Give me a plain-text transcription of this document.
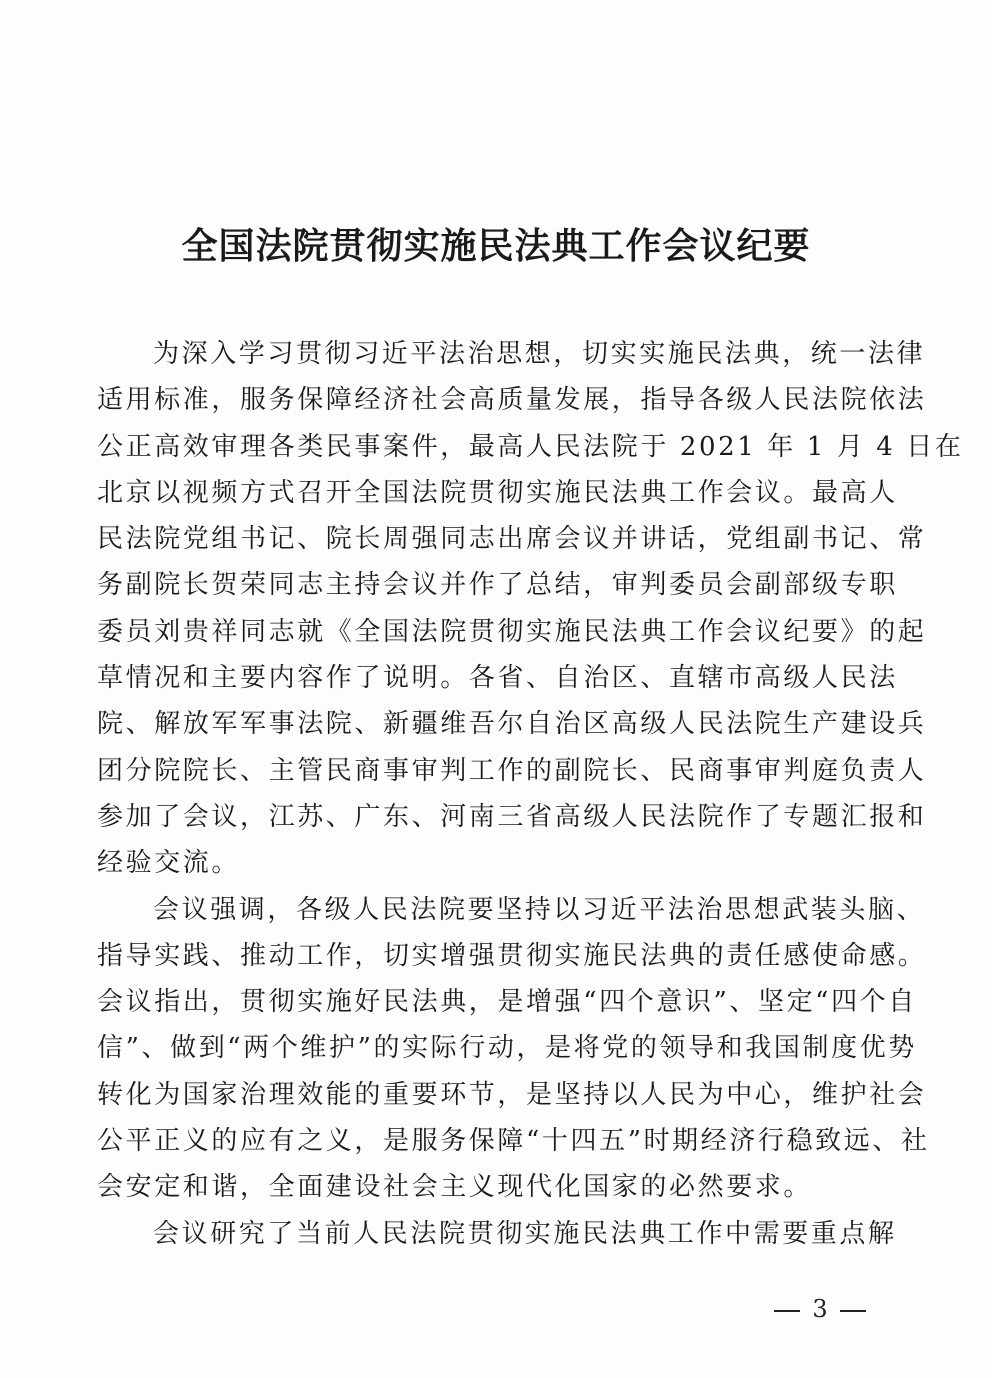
全国法院贯彻实施民法典工作会议纪要
为深入学习贯彻习近平法治思想，切实实施民法典，统一法律
适用标准，服务保障经济社会高质量发展，指导各级人民法院依法
公正高效审理各类民事案件，最高人民法院于 2021 年 1 月 4 日在
北京以视频方式召开全国法院贯彻实施民法典工作会议。最高人
民法院党组书记、院长周强同志出席会议并讲话，党组副书记、常
务副院长贺荣同志主持会议并作了总结，审判委员会副部级专职
委员刘贵祥同志就《全国法院贯彻实施民法典工作会议纪要》的起
草情况和主要内容作了说明。各省、自治区、直辖市高级人民法
院、解放军军事法院、新疆维吾尔自治区高级人民法院生产建设兵
团分院院长、主管民商事审判工作的副院长、民商事审判庭负责人
参加了会议，江苏、广东、河南三省高级人民法院作了专题汇报和
经验交流。
会议强调，各级人民法院要坚持以习近平法治思想武装头脑、
指导实践、推动工作，切实增强贯彻实施民法典的责任感使命感。
会议指出，贯彻实施好民法典，是增强“四个意识”、坚定“四个自
信”、做到“两个维护”的实际行动，是将党的领导和我国制度优势
转化为国家治理效能的重要环节，是坚持以人民为中心，维护社会
公平正义的应有之义，是服务保障“十四五”时期经济行稳致远、社
会安定和谐，全面建设社会主义现代化国家的必然要求。
会议研究了当前人民法院贯彻实施民法典工作中需要重点解
3
